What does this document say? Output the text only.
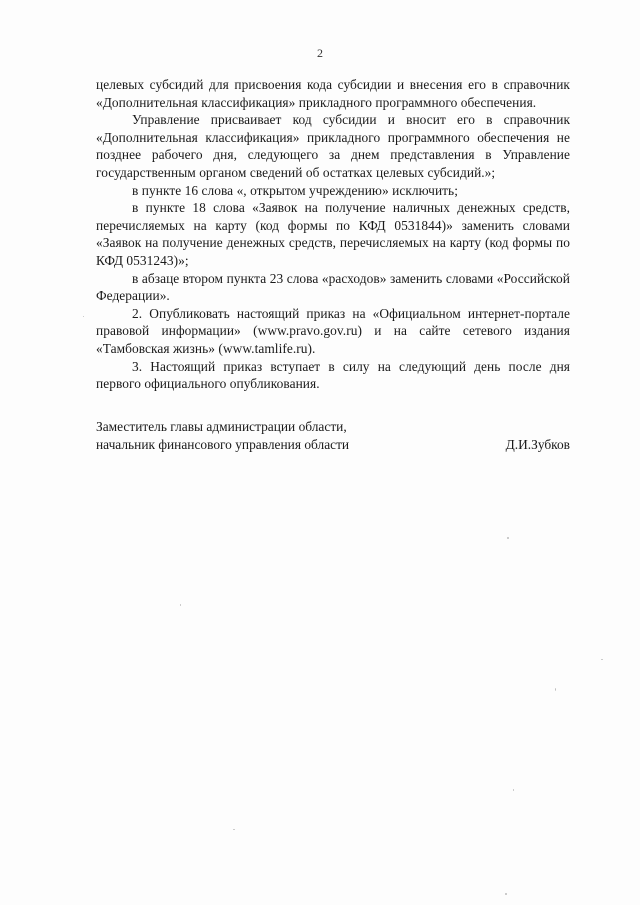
2

целевых субсидий для присвоения кода субсидии и внесения его в справочник «Дополнительная классификация» прикладного программного обеспечения.

Управление присваивает код субсидии и вносит его в справочник «Дополнительная классификация» прикладного программного обеспечения не позднее рабочего дня, следующего за днем представления в Управление государственным органом сведений об остатках целевых субсидий.»;

в пункте 16 слова «, открытом учреждению» исключить;

в пункте 18 слова «Заявок на получение наличных денежных средств, перечисляемых на карту (код формы по КФД 0531844)» заменить словами «Заявок на получение денежных средств, перечисляемых на карту (код формы по КФД 0531243)»;

в абзаце втором пункта 23 слова «расходов» заменить словами «Российской Федерации».

2. Опубликовать настоящий приказ на «Официальном интернет-портале правовой информации» (www.pravo.gov.ru) и на сайте сетевого издания «Тамбовская жизнь» (www.tamlife.ru).

3. Настоящий приказ вступает в силу на следующий день после дня первого официального опубликования.

Заместитель главы администрации области,
начальник финансового управления области	Д.И.Зубков
